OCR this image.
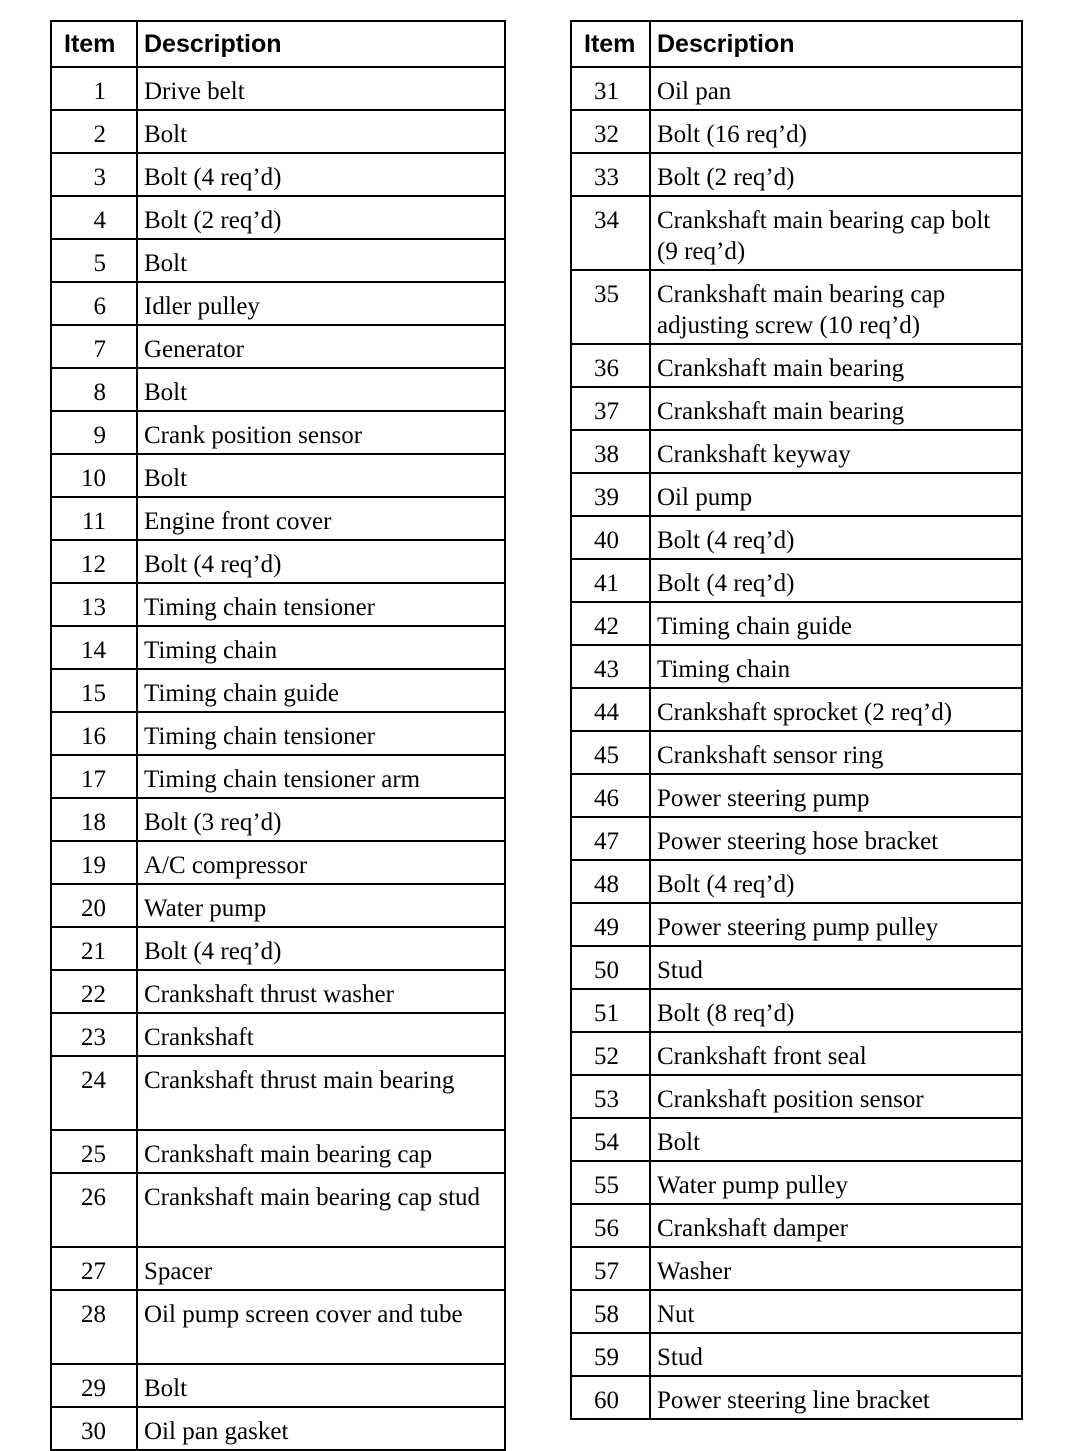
Item	Description
1	Drive belt
2	Bolt
3	Bolt (4 req’d)
4	Bolt (2 req’d)
5	Bolt
6	Idler pulley
7	Generator
8	Bolt
9	Crank position sensor
10	Bolt
11	Engine front cover
12	Bolt (4 req’d)
13	Timing chain tensioner
14	Timing chain
15	Timing chain guide
16	Timing chain tensioner
17	Timing chain tensioner arm
18	Bolt (3 req’d)
19	A/C compressor
20	Water pump
21	Bolt (4 req’d)
22	Crankshaft thrust washer
23	Crankshaft
24	Crankshaft thrust main bearing
25	Crankshaft main bearing cap
26	Crankshaft main bearing cap stud
27	Spacer
28	Oil pump screen cover and tube
29	Bolt
30	Oil pan gasket
Item	Description
31	Oil pan
32	Bolt (16 req’d)
33	Bolt (2 req’d)
34	Crankshaft main bearing cap bolt (9 req’d)
35	Crankshaft main bearing cap adjusting screw (10 req’d)
36	Crankshaft main bearing
37	Crankshaft main bearing
38	Crankshaft keyway
39	Oil pump
40	Bolt (4 req’d)
41	Bolt (4 req’d)
42	Timing chain guide
43	Timing chain
44	Crankshaft sprocket (2 req’d)
45	Crankshaft sensor ring
46	Power steering pump
47	Power steering hose bracket
48	Bolt (4 req’d)
49	Power steering pump pulley
50	Stud
51	Bolt (8 req’d)
52	Crankshaft front seal
53	Crankshaft position sensor
54	Bolt
55	Water pump pulley
56	Crankshaft damper
57	Washer
58	Nut
59	Stud
60	Power steering line bracket
